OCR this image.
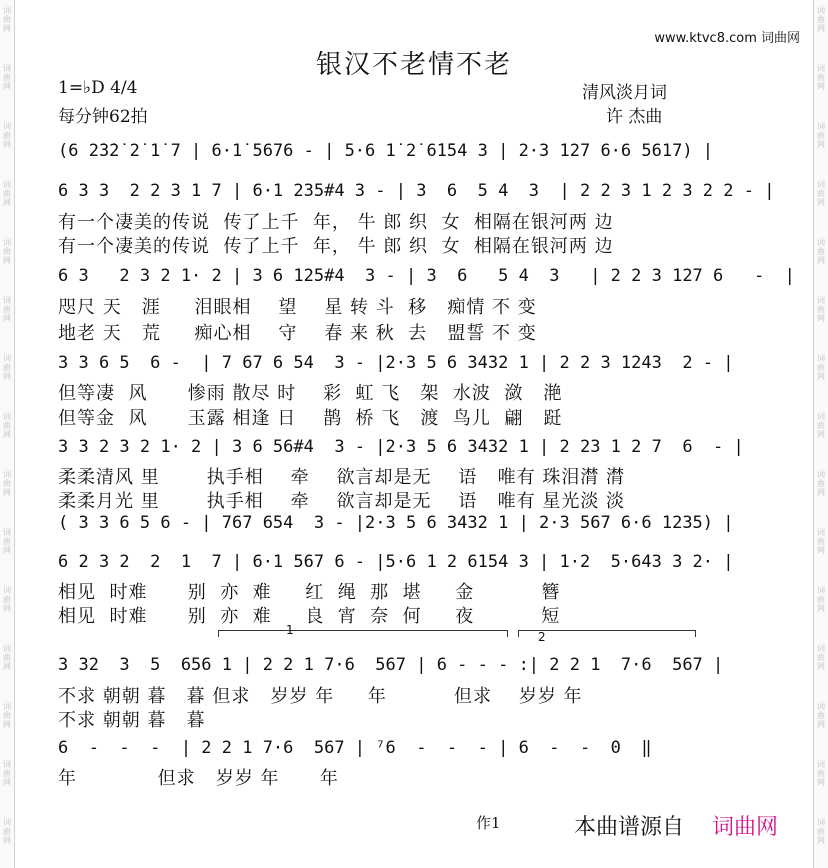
词
曲
网
词
曲
网
词
曲
网
词
曲
网
词
曲
网
词
曲
网
词
曲
网
词
曲
网
词
曲
网
词
曲
网
词
曲
网
词
曲
网
词
曲
网
词
曲
网
词
曲
网
词
曲
网
词
曲
网
词
曲
网
词
曲
网
词
曲
网
词
曲
网
词
曲
网
词
曲
网
词
曲
网
词
曲
网
词
曲
网
词
曲
网
词
曲
网
词
曲
网
词
曲
网
www.ktvc8.com 词曲网
银汉不老情不老
1=♭D 4/4
每分钟62拍
清风淡月词
许 杰曲
(6 2̇3̇2̇ 2̇ 1̇ 7 | 6·1̇ 5676 - | 5·6 1̇ 2̇ 6̇1̇54 3 | 2·3 127 6·6 5617) |
6 3 3  2 2 3 1 7 | 6·1 235#4 3 - | 3  6  5 4  3  | 2 2 3 1 2 3 2 2 - |
有一个凄美的传说  传了上千  年， 牛 郎 织  女  相隔在银河两 边
有一个凄美的传说  传了上千  年， 牛 郎 织  女  相隔在银河两 边
6 3   2 3 2 1· 2 | 3 6 125#4  3 - | 3  6   5 4  3   | 2 2 3 127 6   -  |
咫尺 天   涯     泪眼相    望    星 转 斗  移   痴情 不 变
地老 天   荒     痴心相    守    春 来 秋  去   盟誓 不 变
3 3 6 5  6 -  | 7 67 6 54  3 - |2·3 5 6 3432 1 | 2 2 3 1243  2 - |
但等凄  风      惨雨 散尽 时    彩  虹 飞   架  水波  潋   滟
但等金  风      玉露 相逢 日    鹊  桥 飞   渡  鸟儿  翩   跹
3 3 2 3 2 1· 2 | 3 6 56#4  3 - |2·3 5 6 3432 1 | 2 23 1 2 7  6  - |
柔柔清风 里       执手相    牵    欲言却是无    语   唯有 珠泪潸 潸
柔柔月光 里       执手相    牵    欲言却是无    语   唯有 星光淡 淡
( 3 3 6 5 6 - | 767 654  3 - |2·3 5 6 3432 1 | 2·3 567 6·6 1235) |
6 2 3 2  2  1  7 | 6·1 567 6 - |5·6 1 2 6154 3 | 1·2  5·643 3 2· |
相见  时难      别  亦  难     红  绳  那  堪     金          簪
相见  时难      别  亦  难     良  宵  奈  何     夜          短
1	2
3 32  3  5  656 1 | 2 2 1 7·6  567 | 6 - - - :| 2 2 1  7·6  567 |
不求 朝朝 暮   暮 但求   岁岁 年     年          但求    岁岁 年
不求 朝朝 暮   暮
6  -  -  -  | 2 2 1 7·6  567 | ⁷6  -  -  - | 6  -  -  0  ‖
年            但求   岁岁 年      年
作1	本曲谱源自 词曲网
